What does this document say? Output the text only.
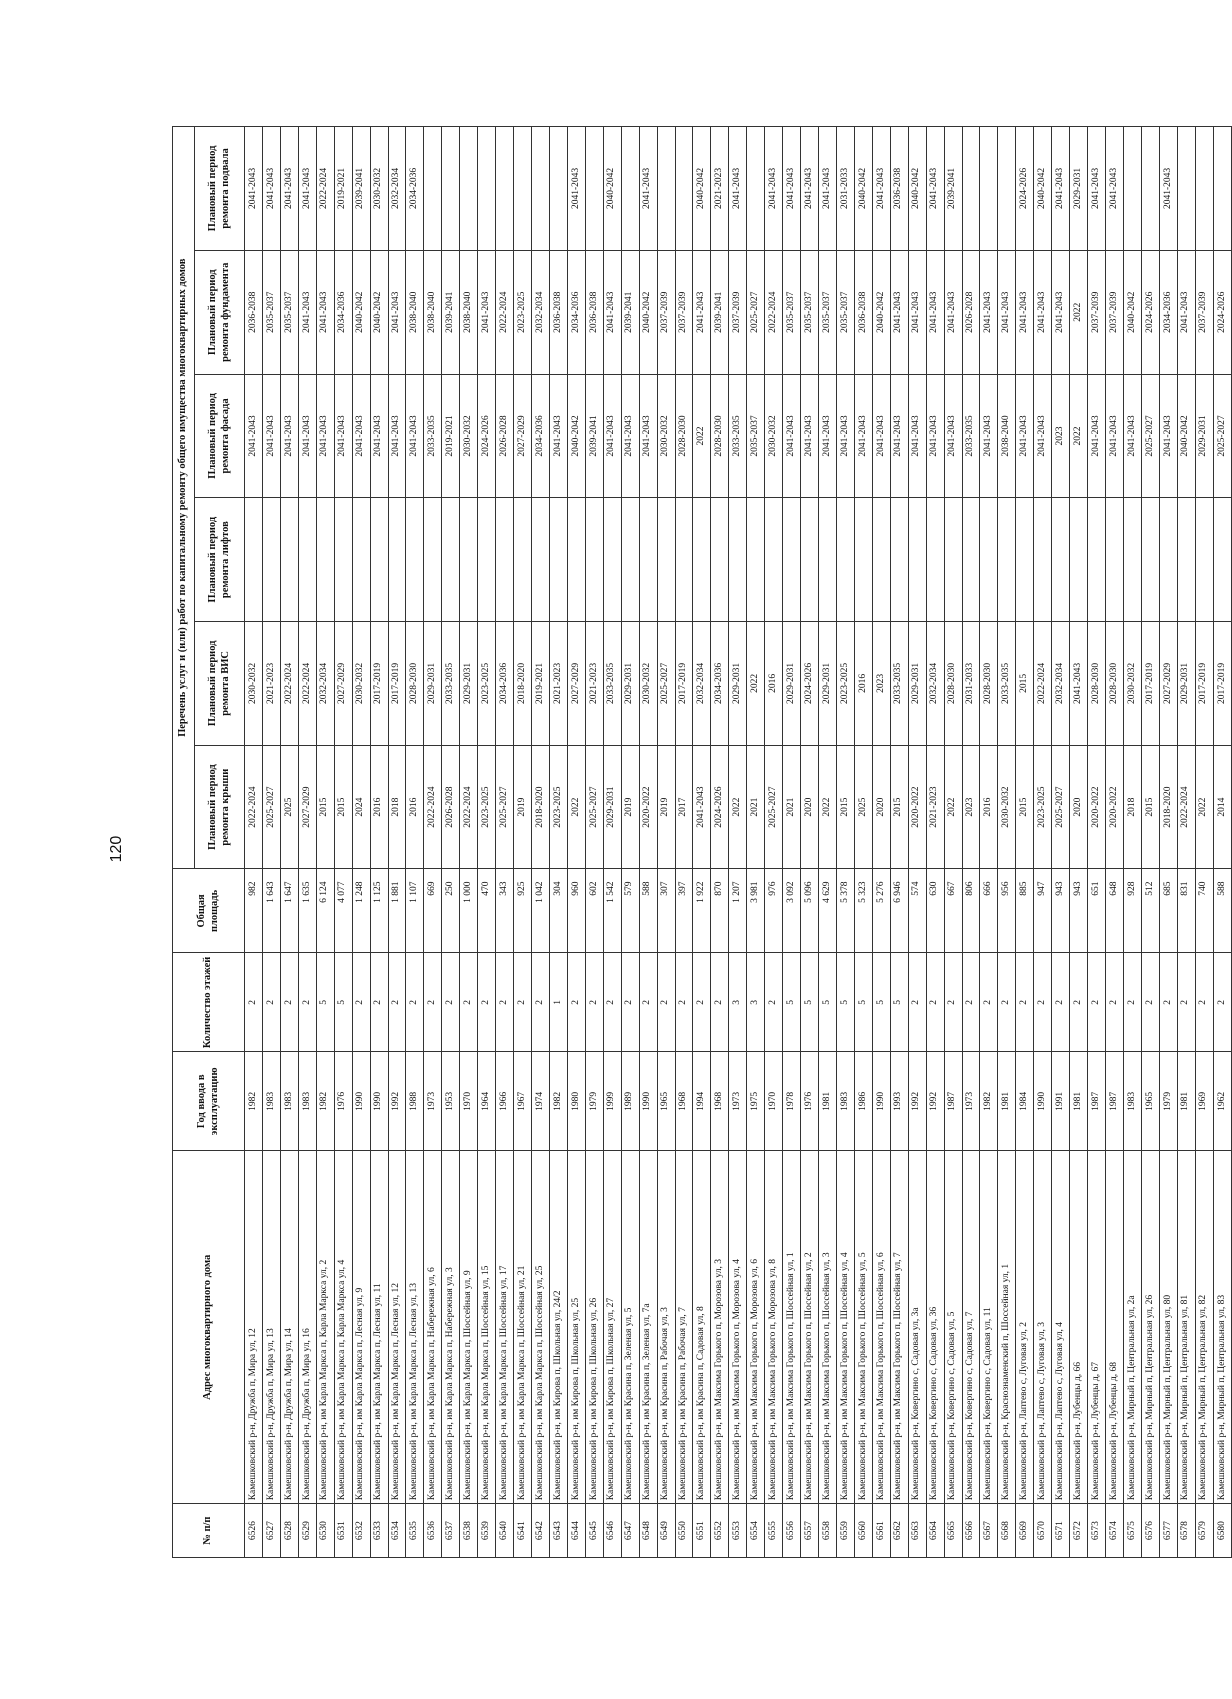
120
№ п/п	Адрес многоквартирного дома	Год ввода в эксплуатацию	Количество этажей	Общая площадь	Перечень услуг и (или) работ по капитальному ремонту общего имущества многоквартирных домов					
					Плановый период ремонта крыши	Плановый период ремонта ВИС	Плановый период ремонта лифтов	Плановый период ремонта фасада	Плановый период ремонта фундамента	Плановый период ремонта подвала
6526	Камешковский р-н, Дружба п, Мира ул, 12	1982	2	982	2022-2024	2030-2032		2041-2043	2036-2038	2041-2043
6527	Камешковский р-н, Дружба п, Мира ул, 13	1983	2	1 643	2025-2027	2021-2023		2041-2043	2035-2037	2041-2043
6528	Камешковский р-н, Дружба п, Мира ул, 14	1983	2	1 647	2025	2022-2024		2041-2043	2035-2037	2041-2043
6529	Камешковский р-н, Дружба п, Мира ул, 16	1983	2	1 635	2027-2029	2022-2024		2041-2043	2041-2043	2041-2043
6530	Камешковский р-н, им Карла Маркса п, Карла Маркса ул, 2	1982	5	6 124	2015	2032-2034		2041-2043	2041-2043	2022-2024
6531	Камешковский р-н, им Карла Маркса п, Карла Маркса ул, 4	1976	5	4 077	2015	2027-2029		2041-2043	2034-2036	2019-2021
6532	Камешковский р-н, им Карла Маркса п, Лесная ул, 9	1990	2	1 248	2024	2030-2032		2041-2043	2040-2042	2039-2041
6533	Камешковский р-н, им Карла Маркса п, Лесная ул, 11	1990	2	1 125	2016	2017-2019		2041-2043	2040-2042	2030-2032
6534	Камешковский р-н, им Карла Маркса п, Лесная ул, 12	1992	2	1 881	2018	2017-2019		2041-2043	2041-2043	2032-2034
6535	Камешковский р-н, им Карла Маркса п, Лесная ул, 13	1988	2	1 107	2016	2028-2030		2041-2043	2038-2040	2034-2036
6536	Камешковский р-н, им Карла Маркса п, Набережная ул, 6	1973	2	669	2022-2024	2029-2031		2033-2035	2038-2040	
6537	Камешковский р-н, им Карла Маркса п, Набережная ул, 3	1953	2	250	2026-2028	2033-2035		2019-2021	2039-2041	
6538	Камешковский р-н, им Карла Маркса п, Шоссейная ул, 9	1970	2	1 000	2022-2024	2029-2031		2030-2032	2038-2040	
6539	Камешковский р-н, им Карла Маркса п, Шоссейная ул, 15	1964	2	470	2023-2025	2023-2025		2024-2026	2041-2043	
6540	Камешковский р-н, им Карла Маркса п, Шоссейная ул, 17	1966	2	343	2025-2027	2034-2036		2026-2028	2022-2024	
6541	Камешковский р-н, им Карла Маркса п, Шоссейная ул, 21	1967	2	925	2019	2018-2020		2027-2029	2023-2025	
6542	Камешковский р-н, им Карла Маркса п, Шоссейная ул, 25	1974	2	1 042	2018-2020	2019-2021		2034-2036	2032-2034	
6543	Камешковский р-н, им Кирова п, Школьная ул, 24/2	1982	1	304	2023-2025	2021-2023		2041-2043	2036-2038	
6544	Камешковский р-н, им Кирова п, Школьная ул, 25	1980	2	960	2022	2027-2029		2040-2042	2034-2036	2041-2043
6545	Камешковский р-н, им Кирова п, Школьная ул, 26	1979	2	602	2025-2027	2021-2023		2039-2041	2036-2038	
6546	Камешковский р-н, им Кирова п, Школьная ул, 27	1999	2	1 542	2029-2031	2033-2035		2041-2043	2041-2043	2040-2042
6547	Камешковский р-н, им Красина п, Зеленая ул, 5	1989	2	579	2019	2029-2031		2041-2043	2039-2041	
6548	Камешковский р-н, им Красина п, Зеленая ул, 7а	1990	2	588	2020-2022	2030-2032		2041-2043	2040-2042	2041-2043
6549	Камешковский р-н, им Красина п, Рабочая ул, 3	1965	2	307	2019	2025-2027		2030-2032	2037-2039	
6550	Камешковский р-н, им Красина п, Рабочая ул, 7	1968	2	397	2017	2017-2019		2028-2030	2037-2039	
6551	Камешковский р-н, им Красина п, Садовая ул, 8	1994	2	1 922	2041-2043	2032-2034		2022	2041-2043	2040-2042
6552	Камешковский р-н, им Максима Горького п, Морозова ул, 3	1968	2	870	2024-2026	2034-2036		2028-2030	2039-2041	2021-2023
6553	Камешковский р-н, им Максима Горького п, Морозова ул, 4	1973	3	1 207	2022	2029-2031		2033-2035	2037-2039	2041-2043
6554	Камешковский р-н, им Максима Горького п, Морозова ул, 6	1975	3	3 981	2021	2022		2035-2037	2025-2027	
6555	Камешковский р-н, им Максима Горького п, Морозова ул, 8	1970	2	976	2025-2027	2016		2030-2032	2022-2024	2041-2043
6556	Камешковский р-н, им Максима Горького п, Шоссейная ул, 1	1978	5	3 092	2021	2029-2031		2041-2043	2035-2037	2041-2043
6557	Камешковский р-н, им Максима Горького п, Шоссейная ул, 2	1976	5	5 096	2020	2024-2026		2041-2043	2035-2037	2041-2043
6558	Камешковский р-н, им Максима Горького п, Шоссейная ул, 3	1981	5	4 629	2022	2029-2031		2041-2043	2035-2037	2041-2043
6559	Камешковский р-н, им Максима Горького п, Шоссейная ул, 4	1983	5	5 378	2015	2023-2025		2041-2043	2035-2037	2031-2033
6560	Камешковский р-н, им Максима Горького п, Шоссейная ул, 5	1986	5	5 323	2025	2016		2041-2043	2036-2038	2040-2042
6561	Камешковский р-н, им Максима Горького п, Шоссейная ул, 6	1990	5	5 276	2020	2023		2041-2043	2040-2042	2041-2043
6562	Камешковский р-н, им Максима Горького п, Шоссейная ул, 7	1993	5	6 946	2015	2033-2035		2041-2043	2041-2043	2036-2038
6563	Камешковский р-н, Ковергино с, Садовая ул, 3а	1992	2	574	2020-2022	2029-2031		2041-2043	2041-2043	2040-2042
6564	Камешковский р-н, Ковергино с, Садовая ул, 36	1992	2	630	2021-2023	2032-2034		2041-2043	2041-2043	2041-2043
6565	Камешковский р-н, Ковергино с, Садовая ул, 5	1987	2	667	2022	2028-2030		2041-2043	2041-2043	2039-2041
6566	Камешковский р-н, Ковергино с, Садовая ул, 7	1973	2	806	2023	2031-2033		2033-2035	2026-2028	
6567	Камешковский р-н, Ковергино с, Садовая ул, 11	1982	2	666	2016	2028-2030		2041-2043	2041-2043	
6568	Камешковский р-н, Краснознаменский п, Шоссейная ул, 1	1981	2	956	2030-2032	2033-2035		2038-2040	2041-2043	
6569	Камешковский р-н, Лаптево с, Луговая ул, 2	1984	2	885	2015	2015		2041-2043	2041-2043	2024-2026
6570	Камешковский р-н, Лаптево с, Луговая ул, 3	1990	2	947	2023-2025	2022-2024		2041-2043	2041-2043	2040-2042
6571	Камешковский р-н, Лаптево с, Луговая ул, 4	1991	2	943	2025-2027	2032-2034		2023	2041-2043	2041-2043
6572	Камешковский р-н, Лубенцы д, 66	1981	2	943	2020	2041-2043		2022	2022	2029-2031
6573	Камешковский р-н, Лубенцы д, 67	1987	2	651	2020-2022	2028-2030		2041-2043	2037-2039	2041-2043
6574	Камешковский р-н, Лубенцы д, 68	1987	2	648	2020-2022	2028-2030		2041-2043	2037-2039	2041-2043
6575	Камешковский р-н, Мирный п, Центральная ул, 2а	1983	2	928	2018	2030-2032		2041-2043	2040-2042	
6576	Камешковский р-н, Мирный п, Центральная ул, 26	1965	2	512	2015	2017-2019		2025-2027	2024-2026	
6577	Камешковский р-н, Мирный п, Центральная ул, 80	1979	2	685	2018-2020	2027-2029		2041-2043	2034-2036	2041-2043
6578	Камешковский р-н, Мирный п, Центральная ул, 81	1981	2	831	2022-2024	2029-2031		2040-2042	2041-2043	
6579	Камешковский р-н, Мирный п, Центральная ул, 82	1969	2	740	2022	2017-2019		2029-2031	2037-2039	
6580	Камешковский р-н, Мирный п, Центральная ул, 83	1962	2	588	2014	2017-2019		2025-2027	2024-2026	
